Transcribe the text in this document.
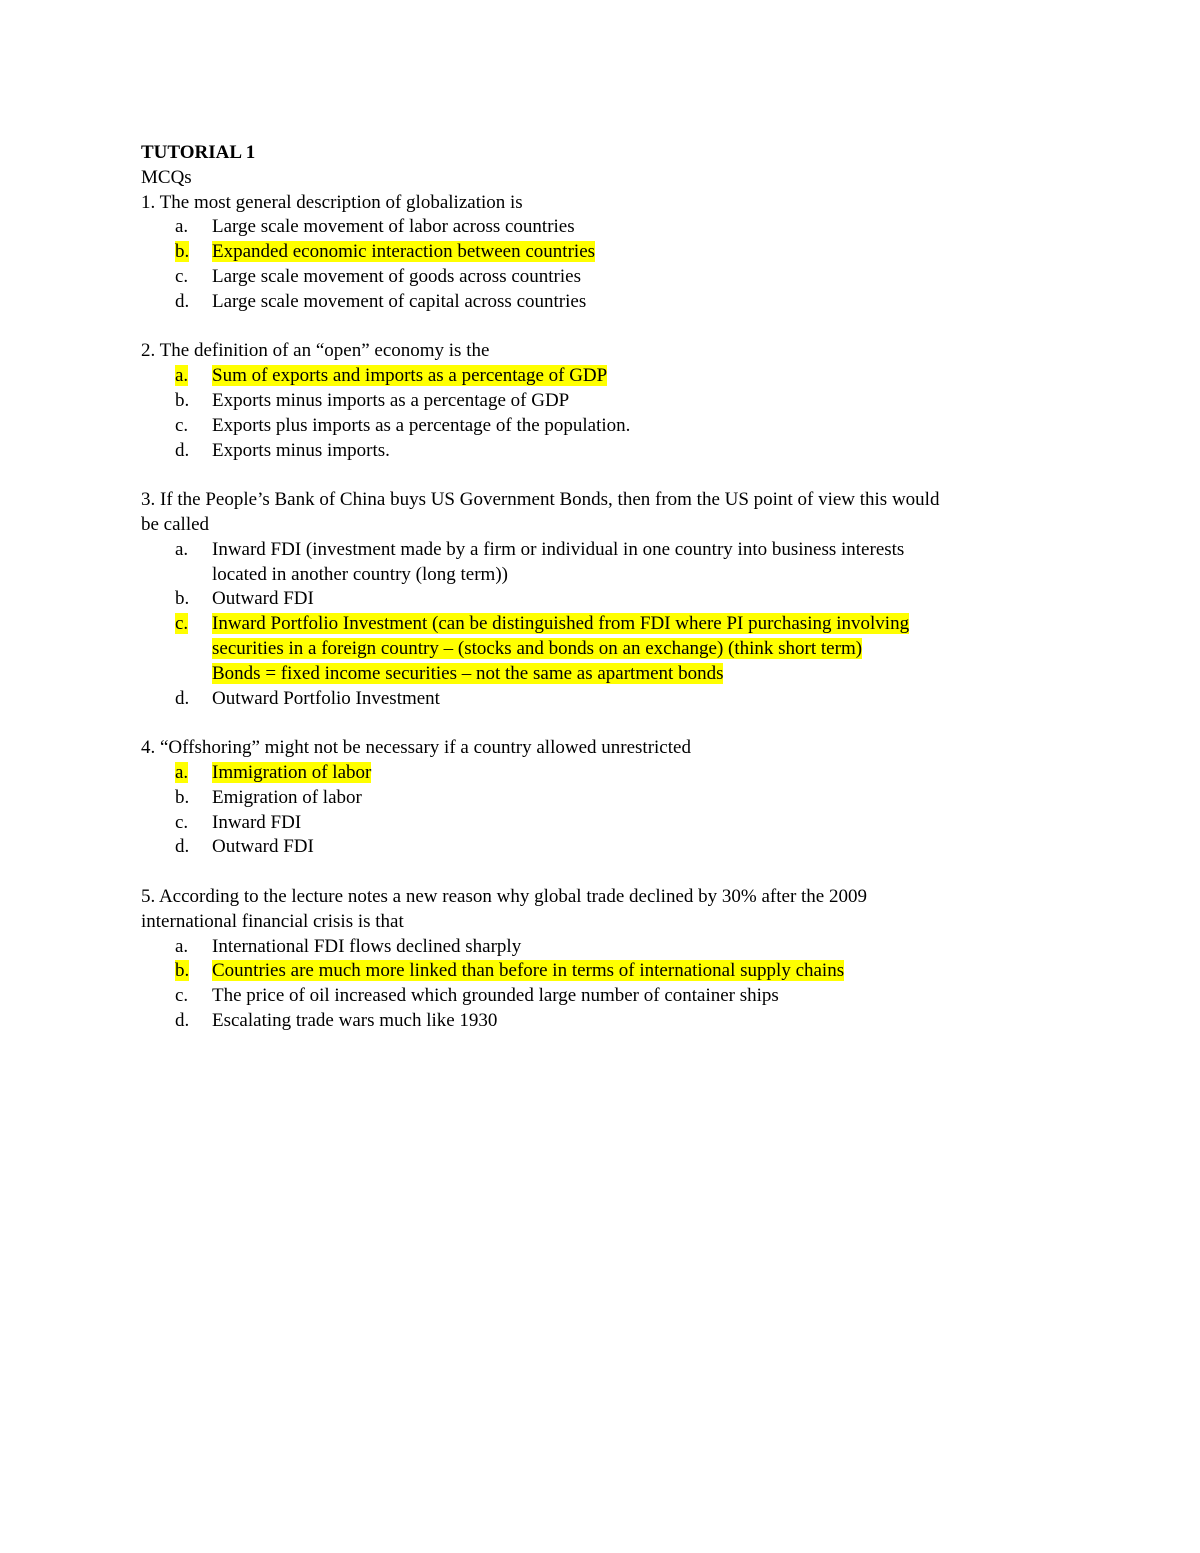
TUTORIAL 1
MCQs
1. The most general description of globalization is
a.	Large scale movement of labor across countries
b.	Expanded economic interaction between countries
c.	Large scale movement of goods across countries
d.	Large scale movement of capital across countries
2. The definition of an “open” economy is the
a.	Sum of exports and imports as a percentage of GDP
b.	Exports minus imports as a percentage of GDP
c.	Exports plus imports as a percentage of the population.
d.	Exports minus imports.
3. If the People’s Bank of China buys US Government Bonds, then from the US point of view this would
be called
a.	Inward FDI (investment made by a firm or individual in one country into business interests
located in another country (long term))
b.	Outward FDI
c.	Inward Portfolio Investment (can be distinguished from FDI where PI purchasing involving
securities in a foreign country – (stocks and bonds on an exchange) (think short term)
Bonds = fixed income securities – not the same as apartment bonds
d.	Outward Portfolio Investment
4. “Offshoring” might not be necessary if a country allowed unrestricted
a.	Immigration of labor
b.	Emigration of labor
c.	Inward FDI
d.	Outward FDI
5. According to the lecture notes a new reason why global trade declined by 30% after the 2009
international financial crisis is that
a.	International FDI flows declined sharply
b.	Countries are much more linked than before in terms of international supply chains
c.	The price of oil increased which grounded large number of container ships
d.	Escalating trade wars much like 1930
